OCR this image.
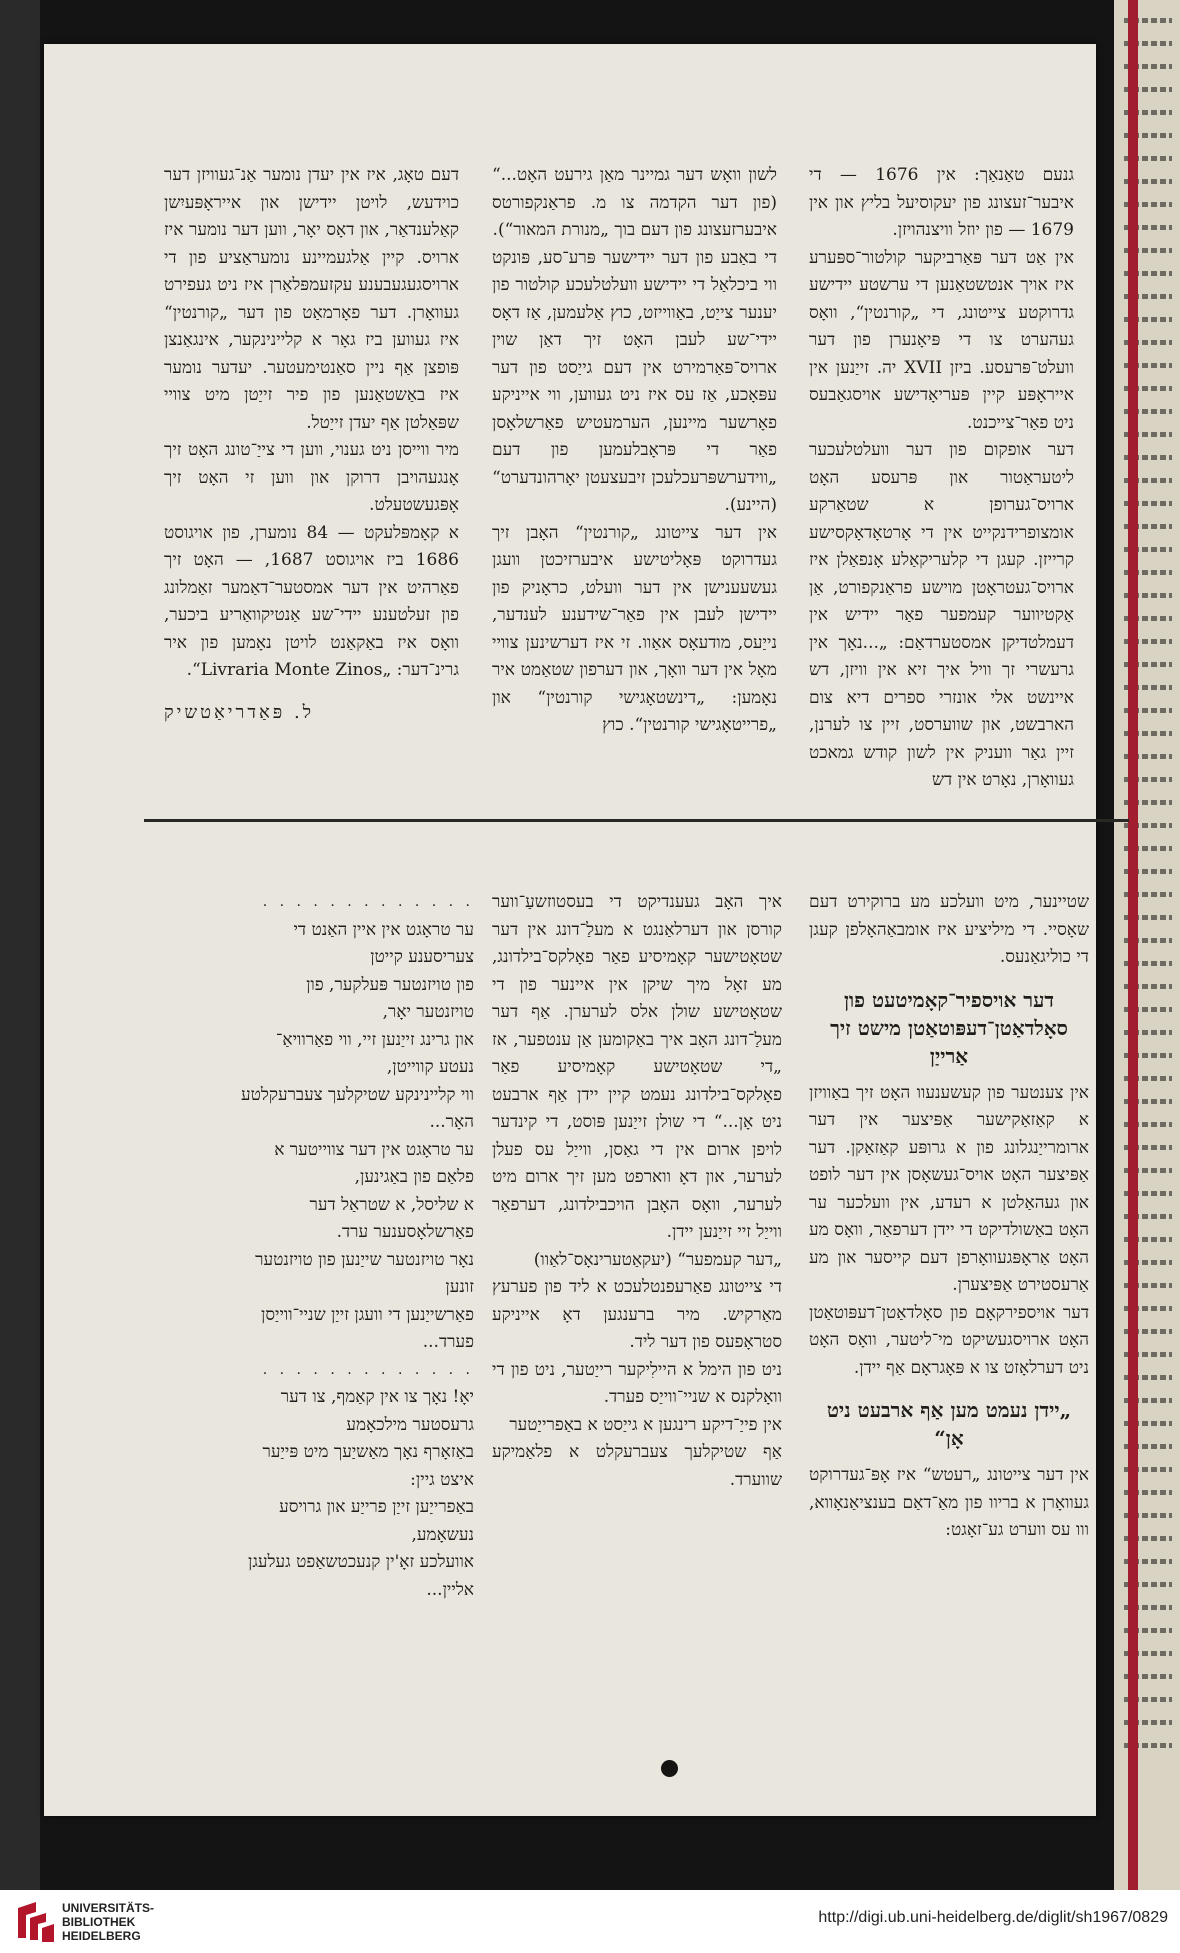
גנעם טאַנאַך: אין 1676 — די איבער־זעצונג פון יעקוסיעל בליץ און אין 1679 — פון יוזל וויצנהויזן.

אין אַט דער פּאַרביקער קולטור־ספּערע איז אויך אנטשטאַנען די ערשטע יידישע גדרוקטע צייטונג, די „קורנטין“, וואָס געהערט צו די פּיאָנערן פון דער וועלט־פּרעסע. ביזן XVII יה. זייַנען אין אייראָפּע קיין פּעריאָדישע אויסגאַבעס ניט פאַר־צייכנט.

דער אופקום פון דער וועלטלעכער ליטעראַטור און פּרעסע האָט ארויס־גערופן א שטאַרקע אומצופרידנקייט אין די אָרטאָדאָקסישע קרייזן. קעגן די קלעריקאַלע אָנפאַלן איז ארויס־געטראָטן מוישע פראַנקפורט, אַן אַקטיווער קעמפער פאַר יידיש אין דעמלטדיקן אמסטערדאַם: „...נאָך אין גרעשרי זך וויל איך זיא אין וויזן, דש איינשט אלי אונזרי ספרים דיא צום הארבשט, און שווערסט, זיין צו לערנן, זיין גאַר וועניק אין לשון קודש גמאכט געוואָרן, נאָרט אין דש

לשון וואָש דער גמיינר מאַן גירעט האָט...“ (פון דער הקדמה צו מ. פראַנקפורטס איבערזעצונג פון דעם בוך „מנורת המאור“).

די באַבע פון דער יידישער פּרע־סע, פּונקט ווי ביכלאַל די יידישע וועלטלעכע קולטור פון יענער צייַט, באַווייזט, כוץ אַלעמען, אַז דאָס יידי־שע לעבן האָט זיך דאַן שוין ארויס־פּאַרמירט אין דעם גייַסט פון דער עפּאָכע, אַז עס איז ניט געווען, ווי אייניקע פאָרשער מיינען, הערמעטיש פאַרשלאָסן פאַר די פּראָבלעמען פון דעם „ווידערשפּרעכלעכן זיבעצעטן יאָרהונדערט“ (היינע).

אין דער צייטונג „קורנטין“ האָבן זיך געדרוקט פּאָליטישע איבערזיכטן וועגן געשעענישן אין דער וועלט, כראָניק פון יידישן לעבן אין פאַר־שידענע לענדער, נייַעס, מודעאָס אאַוו. זי איז דערשינען צוויי מאָל אין דער וואָך, און דערפון שטאַמט איר נאָמען: „דינשטאָגישי קורנטין“ און „פרייטאָגישי קורנטין“. כוץ

דעם טאָג, איז אין יעדן נומער אַנ־געוויזן דער כוידעש, לויטן יידישן און אייראָפּעיִשן קאַלענדאַר, און דאָס יאָר, ווען דער נומער איז ארויס. קיין אַלגעמיינע נומעראַציע פון די ארויסגעגעבענע עקזעמפּלאַרן איז ניט געפירט געוואָרן. דער פאָרמאַט פון דער „קורנטין“ איז געווען ביז גאָר א קליינינקער, אינגאַנצן פּופצן אַף ניין סאַנטימעטער. יעדער נומער איז באַשטאַנען פון פיר זייַטן מיט צוויי שפּאַלטן אַף יעדן זייַטל.

מיר ווייסן ניט גענוי, ווען די צייַ־טונג האָט זיך אָנגעהויבן דרוקן און ווען זי האָט זיך אָפּגעשטעלט.

א קאָמפּלעקט — 84 נומערן, פון אויגוסט 1686 ביז אויגוסט 1687, — האָט זיך פאַרהיט אין דער אמסטער־דאַמער זאַמלונג פון זעלטענע יידי־שע אַנטיקוואַריע ביכער, וואָס איז באַקאַנט לויטן נאָמען פון איר גרינ־דער: „Livraria Monte Zinos“.

ל. פּאַדריאַטשיק

שטיינער, מיט וועלכע מע ברוקירט דעם שאָסיי. די מיליציע איז אומבאַהאָלפן קעגן די כוליגאַנעס.

דער אויספיר־קאָמיטעט פון סאָלדאַטן־דעפּוטאַטן מישט זיך אַרייַן

אין צענטער פון קעשענעוו האָט זיך באַוויזן א קאַזאַקישער אַפּיצער אין דער ארומרייַנגלונג פון א גרופּע קאַזאַקן. דער אַפּיצער האָט אויס־געשאָסן אין דער לופט און געהאַלטן א רעדע, אין וועלכער ער האָט באַשולדיקט די יידן דערפאַר, וואָס מע האָט אַראָפּגעוואָרפן דעם קייסער און מע אַרעסטירט אַפּיצערן.

דער אויספירקאָם פון סאָלדאַטן־דעפּוטאַטן האָט ארויסגעשיקט מי־ליטער, וואָס האָט ניט דערלאָזט צו א פּאָגראָם אַף יידן.

„יידן נעמט מען אַף ארבעט ניט אָן“

אין דער צייטונג „רעטש“ איז אָפּ־געדרוקט געוואָרן א בריוו פון מאַ־דאַם בענציאַנאָווא, ווו עס ווערט גע־זאָגט:

איך האָב געענדיקט די בעסטוזשעַ־ווער קורסן און דערלאַנגט א מעלַ־דונג אין דער שטאָטישער קאָמיסיע פאַר פאָלקס־בילדונג, מע זאָל מיך שיקן אין איינער פון די שטאָטישע שולן אלס לערערן. אַף דער מעלַ־דונג האָב איך באַקומען אַן ענטפער, אז „די שטאָטישע קאָמיסיע פאַר פאָלקס־בילדונג נעמט קיין יידן אַף ארבעט ניט אָן...“ די שולן זייַנען פּוסט, די קינדער לויפן ארום אין די גאַסן, ווייַל עס פעלן לערער, און דאָ ווארפט מען זיך ארום מיט לערער, וואָס האָבן הויכבילדונג, דערפאַר ווייַל זיי זייַנען יידן.

„דער קעמפער“ (יעקאַטערינאָס־לאַוו)

די צייטונג פאַרעפנטלעכט א ליד פון פערעץ מאַרקיש. מיר ברענגען דאָ אייניקע סטראָפעס פון דער ליד.

ניט פון הימל א היילִיקער רייַטער, ניט פון די וואָלקנס א שניי־ווייַס פערד.

אין פייַ־דיקע רינגען א גייַסט א באַפרייַטער

אַף שטיקלעך צעברעקלט א פלאַמיקע שווערד.

. . . . . . . . . . . . .

ער טראָגט אין איין האַנט די

צעריסענע קייטן

פון טויזנטער פּעלקער, פון

טויזנטער יאָר,

און גרינג זייַנען זיי, ווי פאַרוויאַ־

נעטע קווייטן,

ווי קליינינקע שטיקלעך צעברעקלטע

האָר...

ער טראָגט אין דער צווייטער א

פלאַם פון באַגינען,

א שליסל, א שטראַל דער

פאַרשלאָסענער ערד.

נאָר טויזנטער שייַנען פון טויזנטער

זונען

פאַרשייַנען די וועגן זייַן שניי־ווייַסן

פערד...

. . . . . . . . . . . . .

יאָ! נאָך צו אין קאַמף, צו דער

גרעסטער מילכאָמע

באַזאָרף נאָך מאַשיַעך מיט פּייַער

איצט גיין:

באַפרייַען זייַן פרייַע און גרויסע

נעשאָמע,

אוועלכע זאָ'ין קנעכטשאַפט געלעגן

אליין...

UNIVERSITÄTS-
BIBLIOTHEK
HEIDELBERG
http://digi.ub.uni-heidelberg.de/diglit/sh1967/0829
